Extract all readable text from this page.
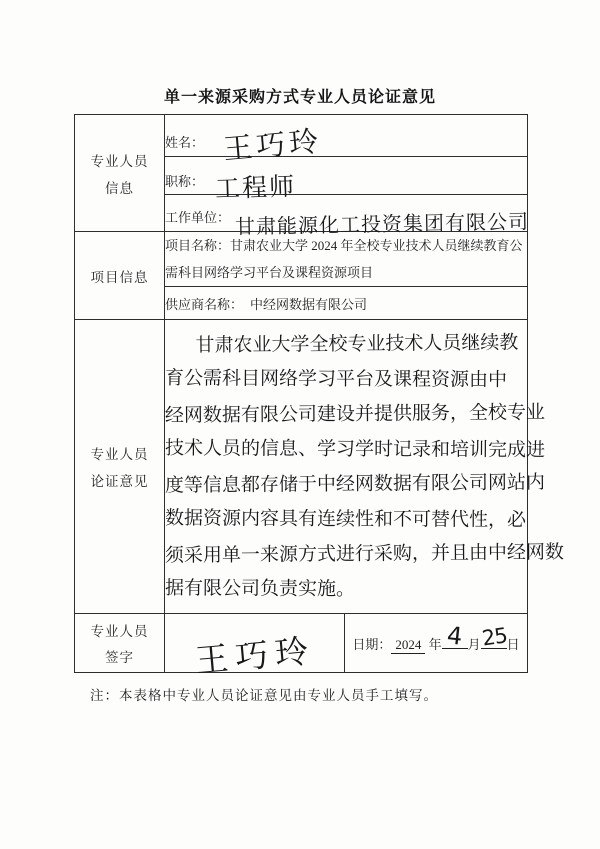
单一来源采购方式专业人员论证意见
专业人员
信息	姓名： 王巧玲	
	职称： 工程师	
	工作单位： 甘肃能源化工投资集团有限公司	

项目信息	项目名称：甘肃农业大学 2024 年全校专业技术人员继续教育公需科目网络学习平台及课程资源项目	
	供应商名称： 中经网数据有限公司	

专业人员
论证意见

甘肃农业大学全校专业技术人员继续教
育公需科目网络学习平台及课程资源由中
经网数据有限公司建设并提供服务，全校专业
技术人员的信息、学习学时记录和培训完成进
度等信息都存储于中经网数据有限公司网站内
数据资源内容具有连续性和不可替代性，必
须采用单一来源方式进行采购，并且由中经网数
据有限公司负责实施。

专业人员
签字	王巧玲	日期： 2024 年 4 月 25
日
注：本表格中专业人员论证意见由专业人员手工填写。
